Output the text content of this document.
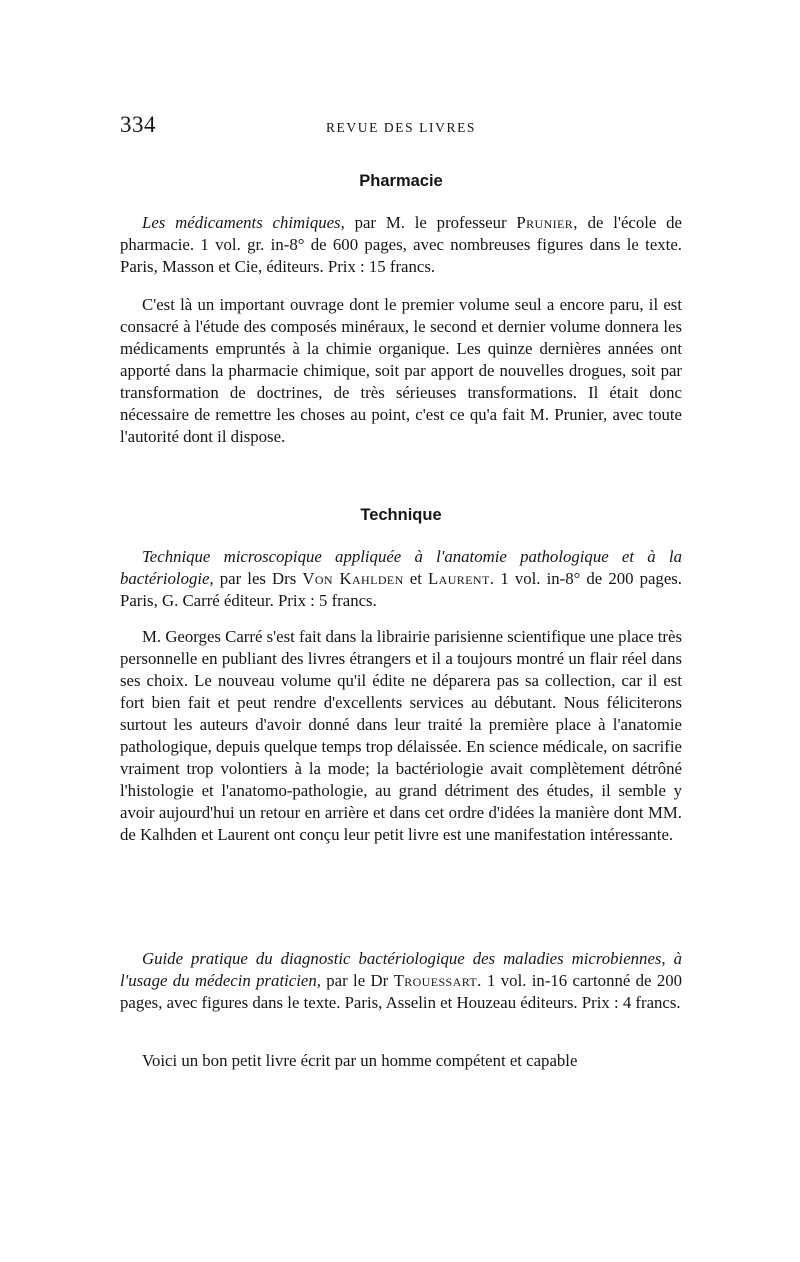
334	REVUE DES LIVRES
Pharmacie

Les médicaments chimiques, par M. le professeur Prunier, de l'école de pharmacie. 1 vol. gr. in-8° de 600 pages, avec nombreuses figures dans le texte. Paris, Masson et Cie, éditeurs. Prix : 15 francs.

C'est là un important ouvrage dont le premier volume seul a encore paru, il est consacré à l'étude des composés minéraux, le second et dernier volume donnera les médicaments empruntés à la chimie organique. Les quinze dernières années ont apporté dans la pharmacie chimique, soit par apport de nouvelles drogues, soit par transformation de doctrines, de très sérieuses transformations. Il était donc nécessaire de remettre les choses au point, c'est ce qu'a fait M. Prunier, avec toute l'autorité dont il dispose.

Technique

Technique microscopique appliquée à l'anatomie pathologique et à la bactériologie, par les Drs Von Kahlden et Laurent. 1 vol. in-8° de 200 pages. Paris, G. Carré éditeur. Prix : 5 francs.

M. Georges Carré s'est fait dans la librairie parisienne scientifique une place très personnelle en publiant des livres étrangers et il a toujours montré un flair réel dans ses choix. Le nouveau volume qu'il édite ne déparera pas sa collection, car il est fort bien fait et peut rendre d'excellents services au débutant. Nous féliciterons surtout les auteurs d'avoir donné dans leur traité la première place à l'anatomie pathologique, depuis quelque temps trop délaissée. En science médicale, on sacrifie vraiment trop volontiers à la mode; la bactériologie avait complètement détrôné l'histologie et l'anatomo-pathologie, au grand détriment des études, il semble y avoir aujourd'hui un retour en arrière et dans cet ordre d'idées la manière dont MM. de Kalhden et Laurent ont conçu leur petit livre est une manifestation intéressante.

Guide pratique du diagnostic bactériologique des maladies microbiennes, à l'usage du médecin praticien, par le Dr Trouessart. 1 vol. in-16 cartonné de 200 pages, avec figures dans le texte. Paris, Asselin et Houzeau éditeurs. Prix : 4 francs.

Voici un bon petit livre écrit par un homme compétent et capable
